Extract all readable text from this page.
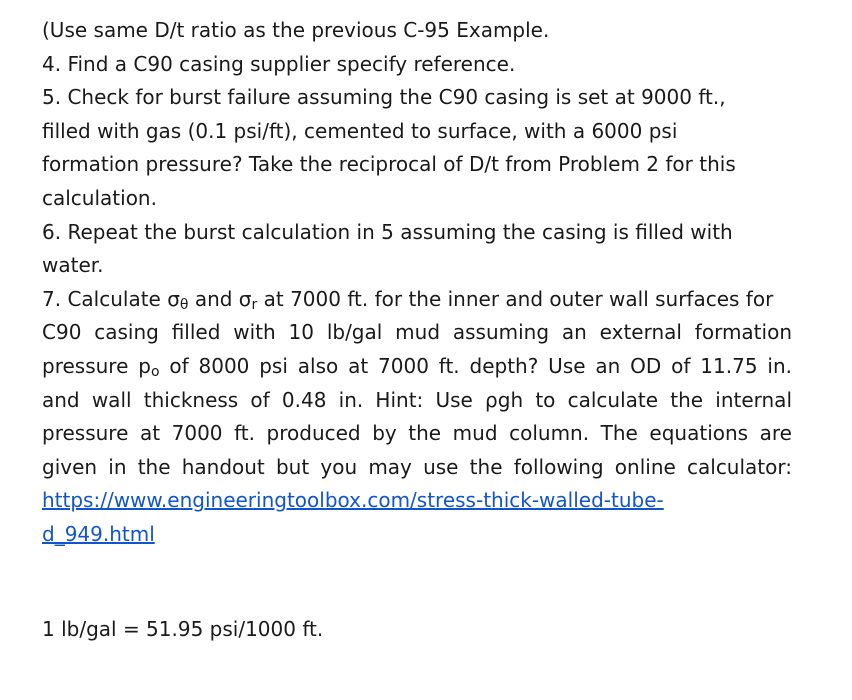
(Use same D/t ratio as the previous C-95 Example.
4. Find a C90 casing supplier specify reference.
5. Check for burst failure assuming the C90 casing is set at 9000 ft.,
filled with gas (0.1 psi/ft), cemented to surface, with a 6000 psi
formation pressure? Take the reciprocal of D/t from Problem 2 for this
calculation.
6. Repeat the burst calculation in 5 assuming the casing is filled with
water.
7. Calculate $\sigma_\theta$ and $\sigma_r$ at 7000 ft. for the inner and outer wall surfaces for
C90 casing filled with 10 lb/gal mud assuming an external formation
pressure $p_o$ of 8000 psi also at 7000 ft. depth? Use an OD of 11.75 in.
and wall thickness of 0.48 in. Hint: Use ρgh to calculate the internal
pressure at 7000 ft. produced by the mud column. The equations are
given in the handout but you may use the following online calculator:
https://www.engineeringtoolbox.com/stress-thick-walled-tube-
d_949.html
1 lb/gal = 51.95 psi/1000 ft.
